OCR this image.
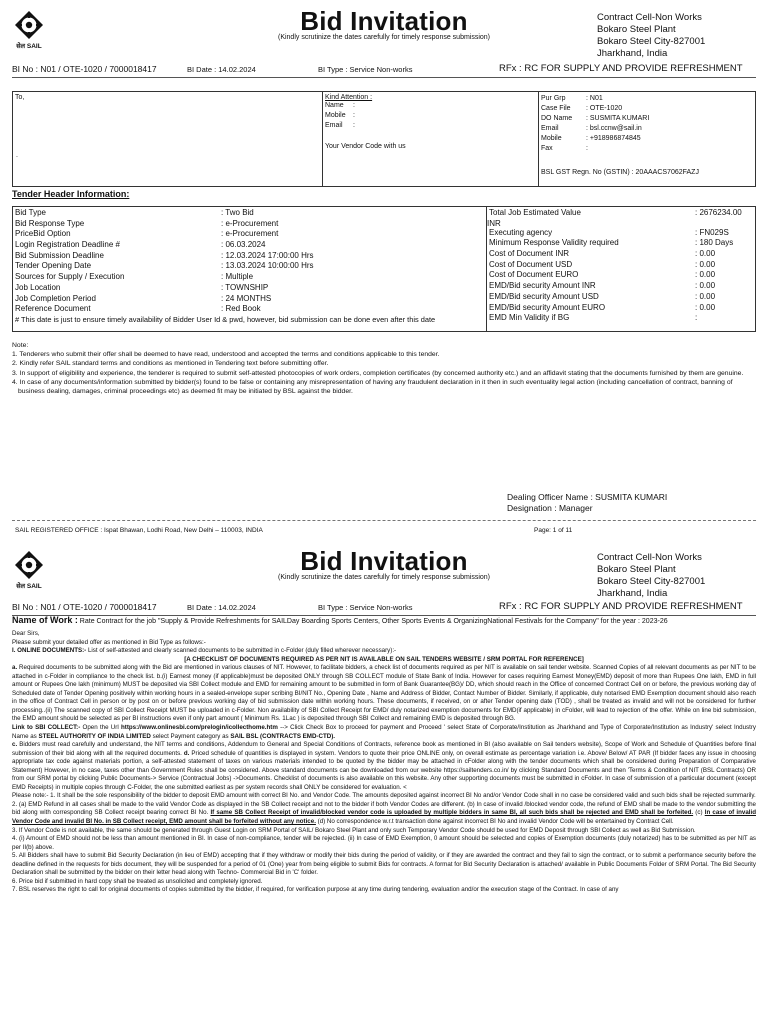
सेल SAIL
Bid Invitation
(Kindly scrutinize the dates carefully for timely response submission)
Contract Cell-Non Works
Bokaro Steel Plant
Bokaro Steel City-827001
Jharkhand, India
BI No : N01 / OTE-1020 / 7000018417	BI Date : 14.02.2024	BI Type : Service Non-works	RFx : RC FOR SUPPLY AND PROVIDE REFRESHMENT
To,
.
Kind Attention :
Name :
Mobile :
Email :
Your Vendor Code with us
Pur Grp	: N01
Case File : OTE-1020
DO Name : SUSMITA KUMARI
Email	: bsl.ccnw@sail.in
Mobile	: +918986874845
Fax	:
BSL GST Regn. No (GSTIN) : 20AAACS7062FAZJ
Tender Header Information:
Bid Type	: Two Bid
Bid Response Type	: e-Procurement
PriceBid Option	: e-Procurement
Login Registration Deadline #	: 06.03.2024
Bid Submission Deadline	: 12.03.2024 17:00:00 Hrs
Tender Opening Date	: 13.03.2024 10:00:00 Hrs
Sources for Supply / Execution	: Multiple
Job Location	: TOWNSHIP
Job Completion Period	: 24 MONTHS
Reference Document	: Red Book
# This date is just to ensure timely availability of Bidder User Id & pwd, however, bid submission can be done even after this date
Total Job Estimated Value	: 2676234.00
INR
Executing agency	: FN029S
Minimum Response Validity required	: 180 Days
Cost of Document INR	: 0.00
Cost of Document USD	: 0.00
Cost of Document EURO	: 0.00
EMD/Bid security Amount INR	: 0.00
EMD/Bid security Amount USD	: 0.00
EMD/Bid security Amount EURO	: 0.00
EMD Min Validity if BG	:
Note:
1. Tenderers who submit their offer shall be deemed to have read, understood and accepted the terms and conditions applicable to this tender.
2. Kindly refer SAIL standard terms and conditions as mentioned in Tendering text before submitting offer.
3. In support of eligibility and experience, the tenderer is required to submit self-attested photocopies of work orders, completion certificates (by concerned authority etc.) and an affidavit stating that the documents furnished by them are genuine.
4. In case of any documents/information submitted by bidder(s) found to be false or containing any misrepresentation of having any fraudulent declaration in it then in such eventuality legal action (including cancellation of contract, banning of business dealing, damages, criminal proceedings etc) as deemed fit may be initiated by BSL against the bidder.
Dealing Officer Name : SUSMITA KUMARI
Designation : Manager
SAIL REGISTERED OFFICE : Ispat Bhawan, Lodhi Road, New Delhi – 110003, INDIA	Page: 1 of 11
सेल SAIL
Bid Invitation
(Kindly scrutinize the dates carefully for timely response submission)
Contract Cell-Non Works
Bokaro Steel Plant
Bokaro Steel City-827001
Jharkhand, India
BI No : N01 / OTE-1020 / 7000018417	BI Date : 14.02.2024	BI Type : Service Non-works	RFx : RC FOR SUPPLY AND PROVIDE REFRESHMENT
Name of Work : Rate Contract for the job "Supply & Provide Refreshments for SAILDay Boarding Sports Centers, Other Sports Events & OrganizingNational Festivals for the Company" for the year : 2023-26

Dear Sirs,

Please submit your detailed offer as mentioned in Bid Type as follows:-

I. ONLINE DOCUMENTS:- List of self-attested and clearly scanned documents to be submitted in c-Folder (duly filled wherever necessary):-

[A CHECKLIST OF DOCUMENTS REQUIRED AS PER NIT IS AVAILABLE ON SAIL TENDERS WEBSITE / SRM PORTAL FOR REFERENCE]

a. Required documents to be submitted along with the Bid are mentioned in various clauses of NIT. However, to facilitate bidders, a check list of documents required as per NIT is available on sail tender website. Scanned Copies of all relevant documents as per NIT to be attached in c-Folder in compliance to the check list. b.(i) Earnest money (if applicable)must be deposited ONLY through SB COLLECT module of State Bank of India. However for cases requiring Earnest Money(EMD) deposit of more than Rupees One lakh, EMD in full amount or Rupees One lakh (minimum) MUST be deposited via SBI Collect module and EMD for remaining amount to be submitted in form of Bank Guarantee(BG)/ DD, which should reach in the Office of concerned Contract Cell on or before, the previous working day of Scheduled date of Tender Opening positively within working hours in a sealed-envelope super scribing BI/NIT No., Opening Date , Name and Address of Bidder, Contact Number of Bidder. Similarly, if applicable, duly notarised EMD Exemption document should also reach in the office of Contract Cell in person or by post on or before previous working day of bid submission date within working hours. These documents, if received, on or after Tender opening date (TOD) , shall be treated as invalid and will not be considered for further processing..(ii) The scanned copy of SBI Collect Receipt MUST be uploaded in c-Folder. Non availability of SBI Collect Receipt for EMD/ duly notarized exemption documents for EMD(if applicable) in cFolder, will lead to rejection of the offer. While on line bid submission, the EMD amount should be selected as per BI instructions even if only part amount ( Minimum Rs. 1Lac ) is deposited through SBI Collect and remaining EMD is deposited through BG.

Link to SBI COLLECT:- Open the Url https://www.onlinesbi.com/prelogin/icollecthome.htm --> Click Check Box to proceed for payment and Proceed ' select State of Corporate/Institution as Jharkhand and Type of Corporate/Institution as Industry' select Industry Name as STEEL AUTHORITY OF INDIA LIMITED select Payment category as SAIL BSL (CONTRACTS EMD-CTD).

c. Bidders must read carefully and understand, the NIT terms and conditions, Addendum to General and Special Conditions of Contracts, reference book as mentioned in BI (also available on Sail tenders website), Scope of Work and Schedule of Quantities before final submission of their bid along with all the required documents. d. Priced schedule of quantities is displayed in system. Vendors to quote their price ONLINE only, on overall estimate as percentage variation i.e. Above/ Below/ AT PAR (If bidder faces any issue in choosing appropriate tax code against materials portion, a self-attested statement of taxes on various materials intended to be quoted by the bidder may be attached in cFolder along with the tender documents which shall be considered during Preparation of Comparative Statement) However, in no case, taxes other than Government Rules shall be considered. Above standard documents can be downloaded from our website https://sailtenders.co.in/ by clicking Standard Documents and then 'Terms & Condition of NIT (BSL Contracts) OR from our SRM portal by clicking Public Documents-> Service (Contractual Jobs) ->Documents. Checklist of documents is also available on this website. Any other supporting documents must be submitted in cFolder. In case of submission of a particular document (except EMD Receipts) in multiple copies through C-Folder, the one submitted earliest as per system records shall ONLY be considered for evaluation. <

Please note:- 1. It shall be the sole responsibility of the bidder to deposit EMD amount with correct BI No. and Vendor Code. The amounts deposited against incorrect BI No and/or Vendor Code shall in no case be considered valid and such bids shall be rejected summarily.

2. (a) EMD Refund in all cases shall be made to the valid Vendor Code as displayed in the SB Collect receipt and not to the bidder if both Vendor Codes are different. (b) In case of invalid /blocked vendor code, the refund of EMD shall be made to the vendor submitting the bid along with corresponding SB Collect receipt bearing correct BI No. If same SB Collect Receipt of invalid/blocked vendor code is uploaded by multiple bidders in same BI, all such bids shall be rejected and EMD shall be forfeited. (c) In case of invalid Vendor Code and invalid BI No. in SB Collect receipt, EMD amount shall be forfeited without any notice. (d) No correspondence w.r.t transaction done against incorrect BI No and invalid Vendor Code will be entertained by Contract Cell.

3. If Vendor Code is not available, the same should be generated through Guest Login on SRM Portal of SAIL/ Bokaro Steel Plant and only such Temporary Vendor Code should be used for EMD Deposit through SBI Collect as well as Bid Submission.

4. (i) Amount of EMD should not be less than amount mentioned in BI. In case of non-compliance, tender will be rejected. (ii) In case of EMD Exemption, 0 amount should be selected and copies of Exemption documents (duly notarized) has to be submitted as per NIT as per II(b) above.

5. All Bidders shall have to submit Bid Security Declaration (in lieu of EMD) accepting that if they withdraw or modify their bids during the period of validity, or if they are awarded the contract and they fail to sign the contract, or to submit a performance security before the deadline defined in the requests for bids document, they will be suspended for a period of 01 (One) year from being eligible to submit Bids for contracts. A format for Bid Security Declaration is attached/ available in Public Documents Folder of SRM Portal. The Bid Security Declaration shall be submitted by the bidder on their letter head along with Techno- Commercial Bid in 'C' folder.

6. Price bid if submitted in hard copy shall be treated as unsolicited and completely ignored.

7. BSL reserves the right to call for original documents of copies submitted by the bidder, if required, for verification purpose at any time during tendering, evaluation and/or the execution stage of the Contract. In case of any
